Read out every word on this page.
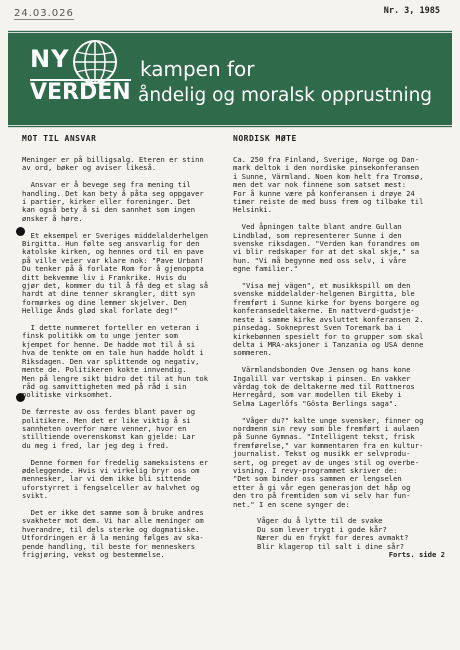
24.03.026	Nr. 3, 1985
NY
VERDEN
kampen for
åndelig og moralsk opprustning
MOT TIL ANSVAR	NORDISK MØTE

Meninger er på billigsalg. Eteren er stinn
av ord, bøker og aviser likeså.

Ansvar er å bevege seg fra mening til
handling. Det kan bety å påta seg oppgaver
i partier, kirker eller foreninger. Det
kan også bety å si den sannhet som ingen
ønsker å høre.

Et eksempel er Sveriges middelalderhelgen
Birgitta. Hun følte seg ansvarlig for den
katolske kirken, og hennes ord til en pave
på ville veier var klare nok: "Pave Urban!
Du tenker på å forlate Rom for å gjenoppta
ditt bekvemme liv i Frankrike. Hvis du
gjør det, kommer du til å få deg et slag så
hardt at dine tenner skrangler, ditt syn
formørkes og dine lemmer skjelver. Den
Hellige Ånds glød skal forlate deg!"

I dette nummeret forteller en veteran i
finsk politikk om to unge jenter som
kjempet for henne. De hadde mot til å si
hva de tenkte om en tale hun hadde holdt i
Riksdagen. Den var splittende og negativ,
mente de. Politikeren kokte innvendig.
Men på lengre sikt bidro det til at hun tok
råd og samvittigheten med på råd i sin
politiske virksomhet.

De færreste av oss ferdes blant paver og
politikere. Men det er like viktig å si
sannheten overfor nære venner, hvor en
stilltiende overenskomst kan gjelde: Lar
du meg i fred, lar jeg deg i fred.

Denne formen for fredelig sameksistens er
ødeleggende. Hvis vi virkelig bryr oss om
mennesker, lar vi dem ikke bli sittende
uforstyrret i fengselceller av halvhet og
svikt.

Det er ikke det samme som å bruke andres
svakheter mot dem. Vi har alle meninger om
hverandre, til dels sterke og dogmatiske.
Utfordringen er å la mening følges av ska-
pende handling, til beste for menneskers
frigjøring, vekst og bestemmelse.

Ca. 250 fra Finland, Sverige, Norge og Dan-
mark deltok i den nordiske pinsekonferansen
i Sunne, Värmland. Noen kom helt fra Tromsø,
men det var nok finnene som satset mest:
For å kunne være på konferansen i drøye 24
timer reiste de med buss frem og tilbake til
Helsinki.

Ved åpningen talte blant andre Gullan
Lindblad, som representerer Sunne i den
svenske riksdagen. "Verden kan forandres om
vi blir redskaper for at det skal skje," sa
hun. "Vi må begynne med oss selv, i våre
egne familier."

"Visa mej vägen", et musikkspill om den
svenske middelalder-helgenen Birgitta, ble
fremført i Sunne kirke for byens borgere og
konferansedeltakerne. En nattverd-gudstje-
neste i samme kirke avsluttet konferansen 2.
pinsedag. Sokneprest Sven Toremark ba i
kirkebønnen spesielt for to grupper som skal
delta i MRA-aksjoner i Tanzania og USA denne
sommeren.

Värmlandsbonden Ove Jensen og hans kone
Ingalill var vertskap i pinsen. En vakker
vårdag tok de deltakerne med til Rottneros
Herregård, som var modellen til Ekeby i
Selma Lagerlöfs "Gösta Berlings saga".

"Våger du?" kalte unge svensker, finner og
nordmenn sin revy som ble fremført i aulaen
på Sunne Gymnas. "Intelligent tekst, frisk
fremførelse," var kommentaren fra en kultur-
journalist. Tekst og musikk er selvprodu-
sert, og preget av de unges stil og overbe-
visning. I revy-programmet skriver de:
"Det som binder oss sammen er lengselen
etter å gi vår egen generasjon det håp og
den tro på fremtiden som vi selv har fun-
net." I en scene synger de:

Våger du å lytte til de svake
Du som lever trygt i gode kår?
Nærer du en frykt for deres avmakt?
Blir klagerop til salt i dine sår?

Forts. side 2
